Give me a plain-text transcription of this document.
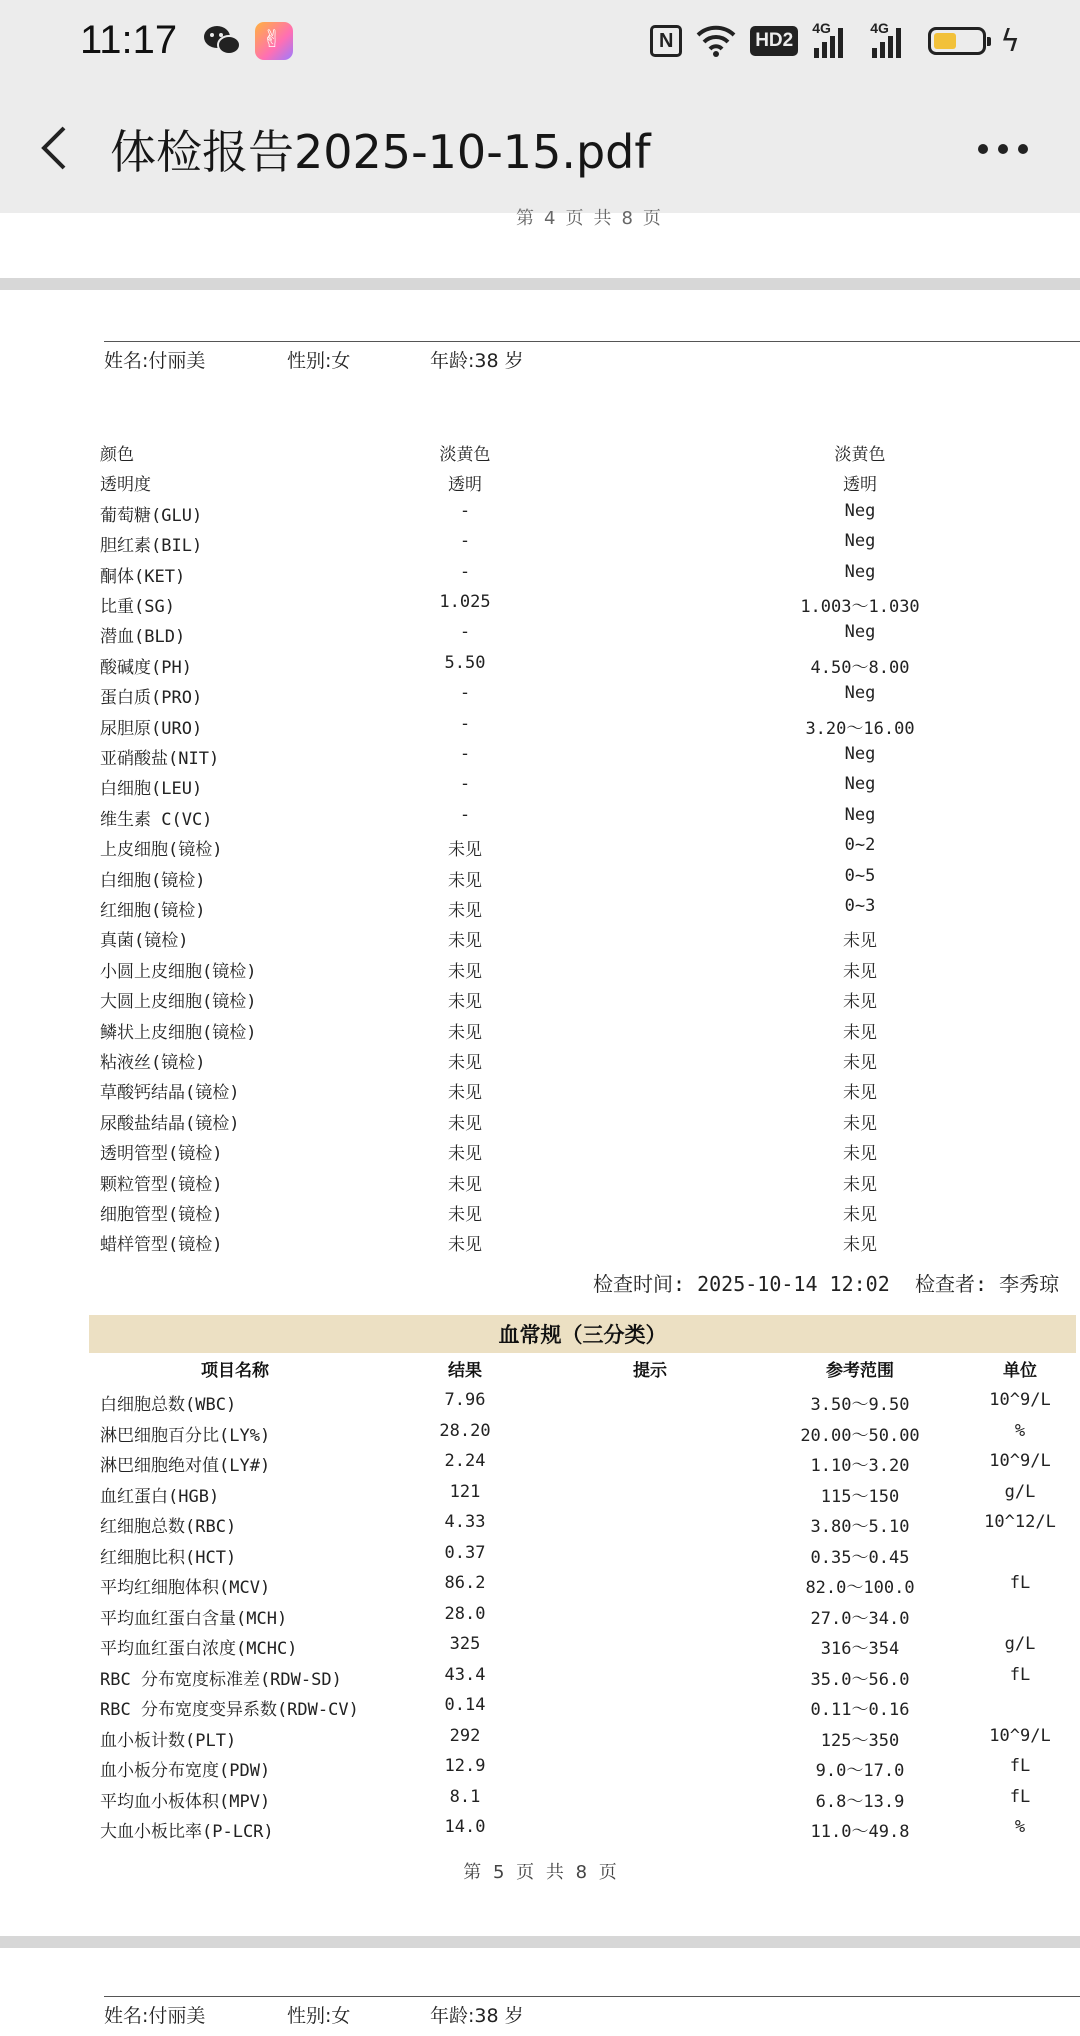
11:17
✌	N	HD2
4G	4G	ϟ
体检报告2025-10-15.pdf
第4页共8页
姓名:付丽美	性别:女	年龄:38 岁
颜色	淡黄色	淡黄色
透明度	透明	透明
葡萄糖(GLU)	-	Neg
胆红素(BIL)	-	Neg
酮体(KET)	-	Neg
比重(SG)	1.025	1.003～1.030
潜血(BLD)	-	Neg
酸碱度(PH)	5.50	4.50～8.00
蛋白质(PRO)	-	Neg
尿胆原(URO)	-	3.20～16.00
亚硝酸盐(NIT)	-	Neg
白细胞(LEU)	-	Neg
维生素 C(VC)	-	Neg
上皮细胞(镜检)	未见	0~2
白细胞(镜检)	未见	0~5
红细胞(镜检)	未见	0~3
真菌(镜检)	未见	未见
小圆上皮细胞(镜检)	未见	未见
大圆上皮细胞(镜检)	未见	未见
鳞状上皮细胞(镜检)	未见	未见
粘液丝(镜检)	未见	未见
草酸钙结晶(镜检)	未见	未见
尿酸盐结晶(镜检)	未见	未见
透明管型(镜检)	未见	未见
颗粒管型(镜检)	未见	未见
细胞管型(镜检)	未见	未见
蜡样管型(镜检)	未见	未见
检查时间: 2025-10-14 12:02 检查者: 李秀琼
血常规（三分类）
项目名称	结果	提示	参考范围	单位
白细胞总数(WBC)	7.96	3.50～9.50	10^9/L
淋巴细胞百分比(LY%)	28.20	20.00～50.00	%
淋巴细胞绝对值(LY#)	2.24	1.10～3.20	10^9/L
血红蛋白(HGB)	121	115～150	g/L
红细胞总数(RBC)	4.33	3.80～5.10	10^12/L
红细胞比积(HCT)	0.37	0.35～0.45
平均红细胞体积(MCV)	86.2	82.0～100.0	fL
平均血红蛋白含量(MCH)	28.0	27.0～34.0
平均血红蛋白浓度(MCHC)	325	316～354	g/L
RBC 分布宽度标准差(RDW-SD)	43.4	35.0～56.0	fL
RBC 分布宽度变异系数(RDW-CV)	0.14	0.11～0.16
血小板计数(PLT)	292	125～350	10^9/L
血小板分布宽度(PDW)	12.9	9.0～17.0	fL
平均血小板体积(MPV)	8.1	6.8～13.9	fL
大血小板比率(P-LCR)	14.0	11.0～49.8	%
第 5 页 共 8 页
姓名:付丽美	性别:女	年龄:38 岁
